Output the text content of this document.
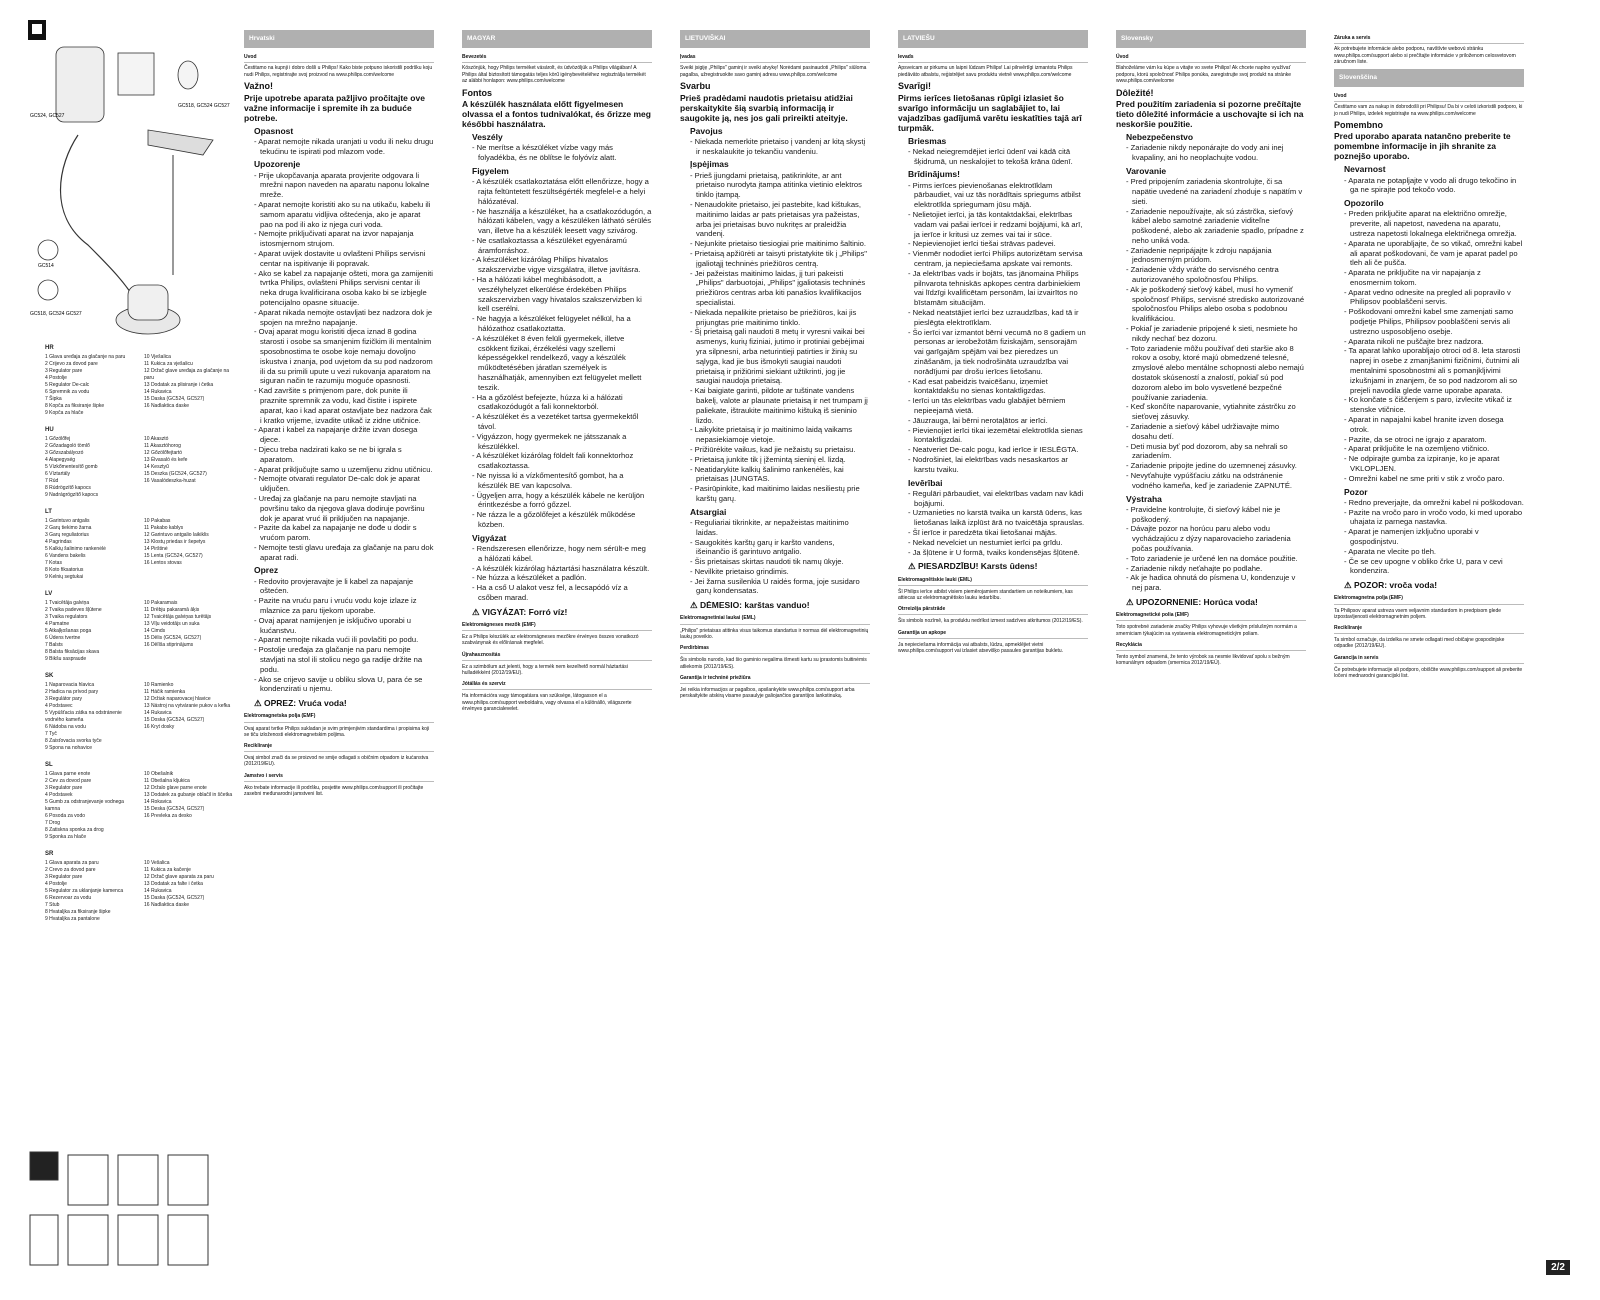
GC524, GC527
GC518, GC524 GC527
GC514
GC518, GC524 GC527
HR
1 Glava uređaja za glačanje na paru
2 Crijevo za dovod pare
3 Regulator pare
4 Postolje
5 Regulator De-calc
6 Spremnik za vodu
7 Šipka
8 Kopča za fiksiranje šipke
9 Kopča za hlače
10 Vješalica
11 Kukica za vješalicu
12 Držač glave uređaja za glačanje na paru
13 Dodatak za plisiranje i četka
14 Rukavica
15 Daska (GC524, GC527)
16 Nadlaktica daske
HU
1 Gőzölőfej
2 Gőzadagoló tömlő
3 Gőzszabályozó
4 Alapegység
5 Vízkőmentesítő gomb
6 Víztartály
7 Rúd
8 Rúdrögzítő kapocs
9 Nadrágrögzítő kapocs
10 Akasztó
11 Akasztóhorog
12 Gőzölőfejtartó
13 Élvasaló és kefe
14 Kesztyű
15 Deszka (GC524, GC527)
16 Vasalódeszka-huzat
LT
1 Garintuvo antgalis
2 Garų tiekimo žarna
3 Garų reguliatorius
4 Pagrindas
5 Kalkių šalinimo rankenėlė
6 Vandens bakelis
7 Kotas
8 Koto fiksatorius
9 Kelnių segtukai
10 Pakabas
11 Pakabo kablys
12 Garintuvo antgalio laikiklis
13 Klostų priedas ir šepetys
14 Pirštinė
15 Lenta (GC524, GC527)
16 Lentos stovas
LV
1 Tvaicētāja galviņa
2 Tvaika padeves šļūtene
3 Tvaika regulators
4 Pamatne
5 Atkaļķošanas poga
6 Ūdens tvertne
7 Balsts
8 Balsta fiksācijas skava
9 Bikšu saspraude
10 Pakaramais
11 Drēbju pakaramā āķis
12 Tvaicētāja galviņas turētājs
13 Vīļu veidotājs un suka
14 Cimds
15 Dēlis (GC524, GC527)
16 Dēlīša stiprinājums
SK
1 Naparovacia hlavica
2 Hadica na prívod pary
3 Regulátor pary
4 Podstavec
5 Vypúšťacia zátka na odstránenie vodného kameňa
6 Nádoba na vodu
7 Tyč
8 Zaisťovacia svorka tyče
9 Spona na nohavice
10 Ramienko
11 Háčik ramienka
12 Držiak naparovacej hlavice
13 Nástroj na vytváranie pukov a kefka
14 Rukavica
15 Doska (GC524, GC527)
16 Kryt dosky
SL
1 Glava parne enote
2 Cev za dovod pare
3 Regulator pare
4 Podstavek
5 Gumb za odstranjevanje vodnega kamna
6 Posoda za vodo
7 Drog
8 Zatiskna sponka za drog
9 Sponka za hlače
10 Obešalnik
11 Obešalna kljukica
12 Držalo glave parne enote
13 Dodatek za gubanje oblačil in ščetka
14 Rokavica
15 Deska (GC524, GC527)
16 Prevleka za desko
SR
1 Glava aparata za paru
2 Crevo za dovod pare
3 Regulator pare
4 Postolje
5 Regulator za uklanjanje kamenca
6 Rezervoar za vodu
7 Stub
8 Hvataljka za fiksiranje šipke
9 Hvataljka za pantalone
10 Vešalica
11 Kukica za kačenje
12 Držač glave aparata za paru
13 Dodatak za falte i četka
14 Rukavica
15 Daska (GC524, GC527)
16 Nadlaktica daske
Hrvatski
Uvod
Čestitamo na kupnji i dobro došli u Philips! Kako biste potpuno iskoristili podršku koju nudi Philips, registrirajte svoj proizvod na www.philips.com/welcome
Važno!
Prije upotrebe aparata pažljivo pročitajte ove važne informacije i spremite ih za buduće potrebe.
Opasnost
- Aparat nemojte nikada uranjati u vodu ili neku drugu tekućinu te ispirati pod mlazom vode.
Upozorenje
- Prije ukopčavanja aparata provjerite odgovara li mrežni napon naveden na aparatu naponu lokalne mreže.
- Aparat nemojte koristiti ako su na utikaču, kabelu ili samom aparatu vidljiva oštećenja, ako je aparat pao na pod ili ako iz njega curi voda.
- Nemojte priključivati aparat na izvor napajanja istosmjernom strujom.
- Aparat uvijek dostavite u ovlašteni Philips servisni centar na ispitivanje ili popravak.
- Ako se kabel za napajanje ošteti, mora ga zamijeniti tvrtka Philips, ovlašteni Philips servisni centar ili neka druga kvalificirana osoba kako bi se izbjegle potencijalno opasne situacije.
- Aparat nikada nemojte ostavljati bez nadzora dok je spojen na mrežno napajanje.
- Ovaj aparat mogu koristiti djeca iznad 8 godina starosti i osobe sa smanjenim fizičkim ili mentalnim sposobnostima te osobe koje nemaju dovoljno iskustva i znanja, pod uvjetom da su pod nadzorom ili da su primili upute u vezi rukovanja aparatom na siguran način te razumiju moguće opasnosti.
- Kad završite s primjenom pare, dok punite ili praznite spremnik za vodu, kad čistite i ispirete aparat, kao i kad aparat ostavljate bez nadzora čak i kratko vrijeme, izvadite utikač iz zidne utičnice.
- Aparat i kabel za napajanje držite izvan dosega djece.
- Djecu treba nadzirati kako se ne bi igrala s aparatom.
- Aparat priključujte samo u uzemljenu zidnu utičnicu.
- Nemojte otvarati regulator De-calc dok je aparat uključen.
- Uređaj za glačanje na paru nemojte stavljati na površinu tako da njegova glava dodiruje površinu dok je aparat vruć ili priključen na napajanje.
- Pazite da kabel za napajanje ne dođe u dodir s vrućom parom.
- Nemojte testi glavu uređaja za glačanje na paru dok aparat radi.
Oprez
- Redovito provjeravajte je li kabel za napajanje oštećen.
- Pazite na vruću paru i vruću vodu koje izlaze iz mlaznice za paru tijekom uporabe.
- Ovaj aparat namijenjen je isključivo uporabi u kućanstvu.
- Aparat nemojte nikada vući ili povlačiti po podu.
- Postolje uređaja za glačanje na paru nemojte stavljati na stol ili stolicu nego ga radije držite na podu.
- Ako se crijevo savije u obliku slova U, para će se kondenzirati u njemu.
⚠ OPREZ: Vruća voda!
Elektromagnetska polja (EMF)
Ovaj aparat tvrtke Philips sukladan je svim primjenjivim standardima i propisima koji se tiču izloženosti elektromagnetskim poljima.
Recikliranje
Ovaj simbol znači da se proizvod ne smije odlagati s običnim otpadom iz kućanstva (2012/19/EU).
Jamstvo i servis
Ako trebate informacije ili podršku, posjetite www.philips.com/support ili pročitajte zasebni međunarodni jamstveni list.
MAGYAR
Bevezetés
Köszönjük, hogy Philips terméket vásárolt, és üdvözöljük a Philips világában! A Philips által biztosított támogatás teljes körű igénybevételéhez regisztrálja termékét az alábbi honlapon: www.philips.com/welcome
Fontos
A készülék használata előtt figyelmesen olvassa el a fontos tudnivalókat, és őrizze meg későbbi használatra.
Veszély
- Ne merítse a készüléket vízbe vagy más folyadékba, és ne öblítse le folyóvíz alatt.
Figyelem
- A készülék csatlakoztatása előtt ellenőrizze, hogy a rajta feltüntetett feszültségérték megfelel-e a helyi hálózatéval.
- Ne használja a készüléket, ha a csatlakozódugón, a hálózati kábelen, vagy a készüléken látható sérülés van, illetve ha a készülék leesett vagy szivárog.
- Ne csatlakoztassa a készüléket egyenáramú áramforráshoz.
- A készüléket kizárólag Philips hivatalos szakszervizbe vigye vizsgálatra, illetve javításra.
- Ha a hálózati kábel meghibásodott, a veszélyhelyzet elkerülése érdekében Philips szakszervizben vagy hivatalos szakszervizben ki kell cserélni.
- Ne hagyja a készüléket felügyelet nélkül, ha a hálózathoz csatlakoztatta.
- A készüléket 8 éven felüli gyermekek, illetve csökkent fizikai, érzékelési vagy szellemi képességekkel rendelkező, vagy a készülék működtetésében járatlan személyek is használhatják, amennyiben ezt felügyelet mellett teszik.
- Ha a gőzölést befejezte, húzza ki a hálózati csatlakozódugót a fali konnektorból.
- A készüléket és a vezetéket tartsa gyermekektől távol.
- Vigyázzon, hogy gyermekek ne játsszanak a készülékkel.
- A készüléket kizárólag földelt fali konnektorhoz csatlakoztassa.
- Ne nyissa ki a vízkőmentesítő gombot, ha a készülék BE van kapcsolva.
- Ügyeljen arra, hogy a készülék kábele ne kerüljön érintkezésbe a forró gőzzel.
- Ne rázza le a gőzölőfejet a készülék működése közben.
Vigyázat
- Rendszeresen ellenőrizze, hogy nem sérült-e meg a hálózati kábel.
- A készülék kizárólag háztartási használatra készült.
- Ne húzza a készüléket a padlón.
- Ha a cső U alakot vesz fel, a lecsapódó víz a csőben marad.
⚠ VIGYÁZAT: Forró víz!
Elektromágneses mezők (EMF)
Ez a Philips készülék az elektromágneses mezőkre érvényes összes vonatkozó szabványnak és előírásnak megfelel.
Újrahasznosítás
Ez a szimbólum azt jelenti, hogy a termék nem kezelhető normál háztartási hulladékként (2012/19/EU).
Jótállás és szerviz
Ha információra vagy támogatásra van szüksége, látogasson el a www.philips.com/support weboldalra, vagy olvassa el a különálló, világszerte érvényes garancialevelet.
LIETUVIŠKAI
Įvadas
Sveiki įsigiję „Philips" gaminį ir sveiki atvykę! Norėdami pasinaudoti „Philips" siūloma pagalba, užregistruokite savo gaminį adresu www.philips.com/welcome
Svarbu
Prieš pradėdami naudotis prietaisu atidžiai perskaitykite šią svarbią informaciją ir saugokite ją, nes jos gali prireikti ateityje.
Pavojus
- Niekada nemerkite prietaiso į vandenį ar kitą skystį ir neskalaukite jo tekančiu vandeniu.
Įspėjimas
- Prieš įjungdami prietaisą, patikrinkite, ar ant prietaiso nurodyta įtampa atitinka vietinio elektros tinklo įtampą.
- Nenaudokite prietaiso, jei pastebite, kad kištukas, maitinimo laidas ar pats prietaisas yra pažeistas, arba jei prietaisas buvo nukritęs ar praleidžia vandenį.
- Nejunkite prietaiso tiesiogiai prie maitinimo šaltinio.
- Prietaisą apžiūrėti ar taisyti pristatykite tik į „Philips" įgaliotąjį techninės priežiūros centrą.
- Jei pažeistas maitinimo laidas, jį turi pakeisti „Philips" darbuotojai, „Philips" įgaliotasis techninės priežiūros centras arba kiti panašios kvalifikacijos specialistai.
- Niekada nepalikite prietaiso be priežiūros, kai jis prijungtas prie maitinimo tinklo.
- Šį prietaisą gali naudoti 8 metų ir vyresni vaikai bei asmenys, kurių fiziniai, jutimo ir protiniai gebėjimai yra silpnesni, arba neturintieji patirties ir žinių su sąlyga, kad jie bus išmokyti saugiai naudoti prietaisą ir prižiūrimi siekiant užtikrinti, jog jie saugiai naudoja prietaisą.
- Kai baigiate garinti, pildote ar tuštinate vandens bakelį, valote ar plaunate prietaisą ir net trumpam jį paliekate, ištraukite maitinimo kištuką iš sieninio lizdo.
- Laikykite prietaisą ir jo maitinimo laidą vaikams nepasiekiamoje vietoje.
- Prižiūrėkite vaikus, kad jie nežaistų su prietaisu.
- Prietaisą junkite tik į įžemintą sieninį el. lizdą.
- Neatidarykite kalkių šalinimo rankenėlės, kai prietaisas ĮJUNGTAS.
- Pasirūpinkite, kad maitinimo laidas nesiliestų prie karštų garų.
Atsargiai
- Reguliariai tikrinkite, ar nepažeistas maitinimo laidas.
- Saugokitės karštų garų ir karšto vandens, išeinančio iš garintuvo antgalio.
- Šis prietaisas skirtas naudoti tik namų ūkyje.
- Nevilkite prietaiso grindimis.
- Jei žarna susilenkia U raidės forma, joje susidaro garų kondensatas.
⚠ DĖMESIO: karštas vanduo!
Elektromagnetiniai laukai (EML)
„Philips" prietaisas atitinka visus taikomus standartus ir normas dėl elektromagnetinių laukų poveikio.
Perdirbimas
Šis simbolis nurodo, kad šio gaminio negalima išmesti kartu su įprastomis buitinėmis atliekomis (2012/19/ES).
Garantija ir techninė priežiūra
Jei reikia informacijos ar pagalbos, apsilankykite www.philips.com/support arba perskaitykite atskirą visame pasaulyje galiojančios garantijos lankstinuką.
LATVIEŠU
Ievads
Apsveicam ar pirkumu un laipni lūdzam Philips! Lai pilnvērtīgi izmantotu Philips piedāvāto atbalstu, reģistrējiet savu produktu vietnē www.philips.com/welcome
Svarīgi!
Pirms ierīces lietošanas rūpīgi izlasiet šo svarīgo informāciju un saglabājiet to, lai vajadzības gadījumā varētu ieskatīties tajā arī turpmāk.
Briesmas
- Nekad neiegremdējiet ierīci ūdenī vai kādā citā šķidrumā, un neskalojiet to tekošā krāna ūdenī.
Brīdinājums!
- Pirms ierīces pievienošanas elektrotīklam pārbaudiet, vai uz tās norādītais spriegums atbilst elektrotīkla spriegumam jūsu mājā.
- Nelietojiet ierīci, ja tās kontaktdakšai, elektrības vadam vai pašai ierīcei ir redzami bojājumi, kā arī, ja ierīce ir kritusi uz zemes vai tai ir sūce.
- Nepievienojiet ierīci tiešai strāvas padevei.
- Vienmēr nododiet ierīci Philips autorizētam servisa centram, ja nepieciešama apskate vai remonts.
- Ja elektrības vads ir bojāts, tas jānomaina Philips pilnvarota tehniskās apkopes centra darbiniekiem vai līdzīgi kvalificētam personām, lai izvairītos no bīstamām situācijām.
- Nekad neatstājiet ierīci bez uzraudzības, kad tā ir pieslēgta elektrotīklam.
- Šo ierīci var izmantot bērni vecumā no 8 gadiem un personas ar ierobežotām fiziskajām, sensorajām vai garīgajām spējām vai bez pieredzes un zināšanām, ja tiek nodrošināta uzraudzība vai norādījumi par drošu ierīces lietošanu.
- Kad esat pabeidzis tvaicēšanu, izņemiet kontaktdakšu no sienas kontaktligzdas.
- Ierīci un tās elektrības vadu glabājiet bērniem nepieejamā vietā.
- Jāuzrauga, lai bērni nerotaļātos ar ierīci.
- Pievienojiet ierīci tikai iezemētai elektrotīkla sienas kontaktligzdai.
- Neatveriet De-calc pogu, kad ierīce ir IESLĒGTA.
- Nodrošiniet, lai elektrības vads nesaskartos ar karstu tvaiku.
Ievērībai
- Regulāri pārbaudiet, vai elektrības vadam nav kādi bojājumi.
- Uzmanieties no karstā tvaika un karstā ūdens, kas lietošanas laikā izplūst ārā no tvaicētāja sprauslas.
- Šī ierīce ir paredzēta tikai lietošanai mājās.
- Nekad nevelciet un nestumiet ierīci pa grīdu.
- Ja šļūtene ir U formā, tvaiks kondensējas šļūtenē.
⚠ PIESARDZĪBU! Karsts ūdens!
Elektromagnētiskie lauki (EML)
Šī Philips ierīce atbilst visiem piemērojamiem standartiem un noteikumiem, kas attiecas uz elektromagnētisko lauku iedarbību.
Otrreizēja pārstrāde
Šis simbols nozīmē, ka produktu nedrīkst izmest sadzīves atkritumos (2012/19/ES).
Garantija un apkope
Ja nepieciešama informācija vai atbalsts, lūdzu, apmeklējiet vietni www.philips.com/support vai izlasiet atsevišķo pasaules garantijas bukletu.
Slovensky
Úvod
Blahoželáme vám ku kúpe a vitajte vo svete Philips! Ak chcete naplno využívať podporu, ktorú spoločnosť Philips ponúka, zaregistrujte svoj produkt na stránke www.philips.com/welcome
Dôležité!
Pred použitím zariadenia si pozorne prečítajte tieto dôležité informácie a uschovajte si ich na neskoršie použitie.
Nebezpečenstvo
- Zariadenie nikdy neponárajte do vody ani inej kvapaliny, ani ho neoplachujte vodou.
Varovanie
- Pred pripojením zariadenia skontrolujte, či sa napätie uvedené na zariadení zhoduje s napätím v sieti.
- Zariadenie nepoužívajte, ak sú zástrčka, sieťový kábel alebo samotné zariadenie viditeľne poškodené, alebo ak zariadenie spadlo, prípadne z neho uniká voda.
- Zariadenie nepripájajte k zdroju napájania jednosmerným prúdom.
- Zariadenie vždy vráťte do servisného centra autorizovaného spoločnosťou Philips.
- Ak je poškodený sieťový kábel, musí ho vymeniť spoločnosť Philips, servisné stredisko autorizované spoločnosťou Philips alebo osoba s podobnou kvalifikáciou.
- Pokiaľ je zariadenie pripojené k sieti, nesmiete ho nikdy nechať bez dozoru.
- Toto zariadenie môžu používať deti staršie ako 8 rokov a osoby, ktoré majú obmedzené telesné, zmyslové alebo mentálne schopnosti alebo nemajú dostatok skúseností a znalostí, pokiaľ sú pod dozorom alebo im bolo vysvetlené bezpečné používanie zariadenia.
- Keď skončíte naparovanie, vytiahnite zástrčku zo sieťovej zásuvky.
- Zariadenie a sieťový kábel udržiavajte mimo dosahu detí.
- Deti musia byť pod dozorom, aby sa nehrali so zariadením.
- Zariadenie pripojte jedine do uzemnenej zásuvky.
- Nevyťahujte vypúšťaciu zátku na odstránenie vodného kameňa, keď je zariadenie ZAPNUTÉ.
Výstraha
- Pravidelne kontrolujte, či sieťový kábel nie je poškodený.
- Dávajte pozor na horúcu paru alebo vodu vychádzajúcu z dýzy naparovacieho zariadenia počas používania.
- Toto zariadenie je určené len na domáce použitie.
- Zariadenie nikdy neťahajte po podlahe.
- Ak je hadica ohnutá do písmena U, kondenzuje v nej para.
⚠ UPOZORNENIE: Horúca voda!
Elektromagnetické polia (EMF)
Toto spotrebné zariadenie značky Philips vyhovuje všetkým príslušným normám a smerniciam týkajúcim sa vystavenia elektromagnetickým poliam.
Recyklácia
Tento symbol znamená, že tento výrobok sa nesmie likvidovať spolu s bežným komunálnym odpadom (smernica 2012/19/EÚ).
Záruka a servis
Ak potrebujete informácie alebo podporu, navštívte webovú stránku www.philips.com/support alebo si prečítajte informácie v priloženom celosvetovom záručnom liste.
Slovenščina
Uvod
Čestitamo vam za nakup in dobrodošli pri Philipsu! Da bi v celoti izkoristili podporo, ki jo nudi Philips, izdelek registrirajte na www.philips.com/welcome
Pomembno
Pred uporabo aparata natančno preberite te pomembne informacije in jih shranite za poznejšo uporabo.
Nevarnost
- Aparata ne potapljajte v vodo ali drugo tekočino in ga ne spirajte pod tekočo vodo.
Opozorilo
- Preden priključite aparat na električno omrežje, preverite, ali napetost, navedena na aparatu, ustreza napetosti lokalnega električnega omrežja.
- Aparata ne uporabljajte, če so vtikač, omrežni kabel ali aparat poškodovani, če vam je aparat padel po tleh ali če pušča.
- Aparata ne priključite na vir napajanja z enosmernim tokom.
- Aparat vedno odnesite na pregled ali popravilo v Philipsov pooblaščeni servis.
- Poškodovani omrežni kabel sme zamenjati samo podjetje Philips, Philipsov pooblaščeni servis ali ustrezno usposobljeno osebje.
- Aparata nikoli ne puščajte brez nadzora.
- Ta aparat lahko uporabljajo otroci od 8. leta starosti naprej in osebe z zmanjšanimi fizičnimi, čutnimi ali mentalnimi sposobnostmi ali s pomanjkljivimi izkušnjami in znanjem, če so pod nadzorom ali so prejeli navodila glede varne uporabe aparata.
- Ko končate s čiščenjem s paro, izvlecite vtikač iz stenske vtičnice.
- Aparat in napajalni kabel hranite izven dosega otrok.
- Pazite, da se otroci ne igrajo z aparatom.
- Aparat priključite le na ozemljeno vtičnico.
- Ne odpirajte gumba za izpiranje, ko je aparat VKLOPLJEN.
- Omrežni kabel ne sme priti v stik z vročo paro.
Pozor
- Redno preverjajte, da omrežni kabel ni poškodovan.
- Pazite na vročo paro in vročo vodo, ki med uporabo uhajata iz parnega nastavka.
- Aparat je namenjen izključno uporabi v gospodinjstvu.
- Aparata ne vlecite po tleh.
- Če se cev upogne v obliko črke U, para v cevi kondenzira.
⚠ POZOR: vroča voda!
Elektromagnetna polja (EMF)
Ta Philipsov aparat ustreza vsem veljavnim standardom in predpisom glede izpostavljenosti elektromagnetnim poljem.
Recikliranje
Ta simbol označuje, da izdelka ne smete odlagati med običajne gospodinjske odpadke (2012/19/EU).
Garancija in servis
Če potrebujete informacije ali podporo, obiščite www.philips.com/support ali preberite ločeni mednarodni garancijski list.
2/2
